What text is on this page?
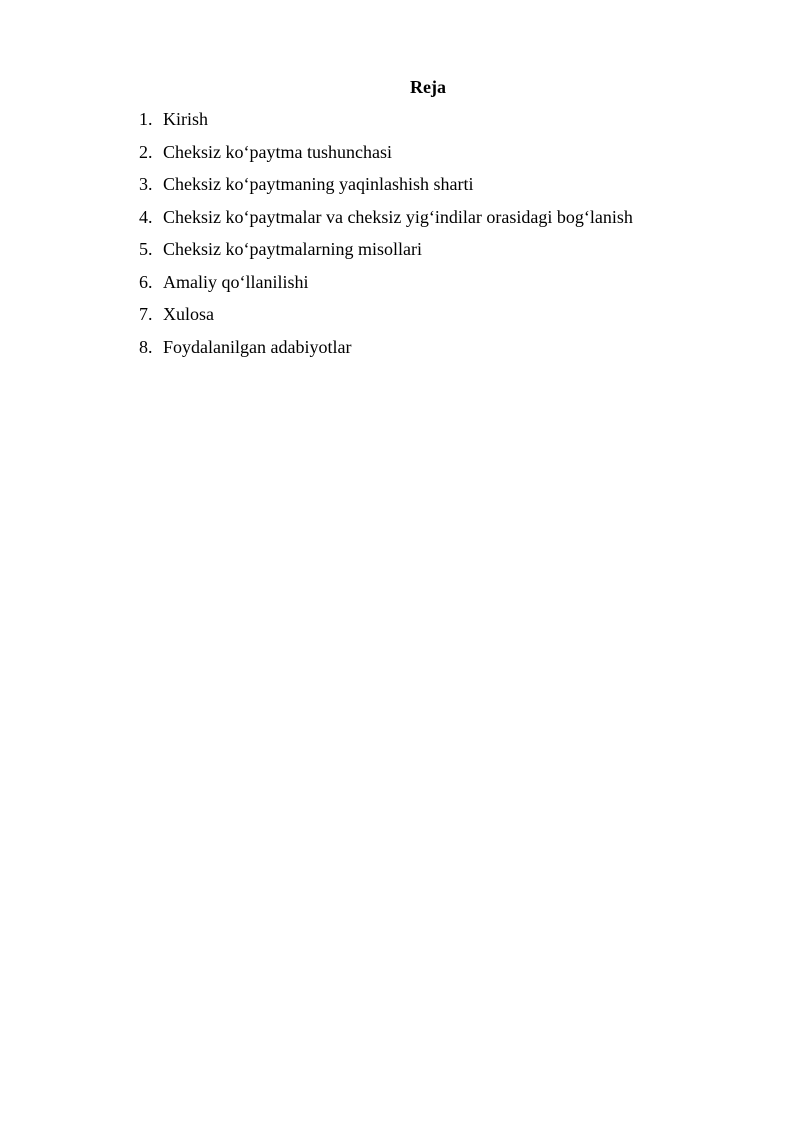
Reja
1. Kirish
2. Cheksiz ko‘paytma tushunchasi
3. Cheksiz ko‘paytmaning yaqinlashish sharti
4. Cheksiz ko‘paytmalar va cheksiz yig‘indilar orasidagi bog‘lanish
5. Cheksiz ko‘paytmalarning misollari
6. Amaliy qo‘llanilishi
7. Xulosa
8. Foydalanilgan adabiyotlar
